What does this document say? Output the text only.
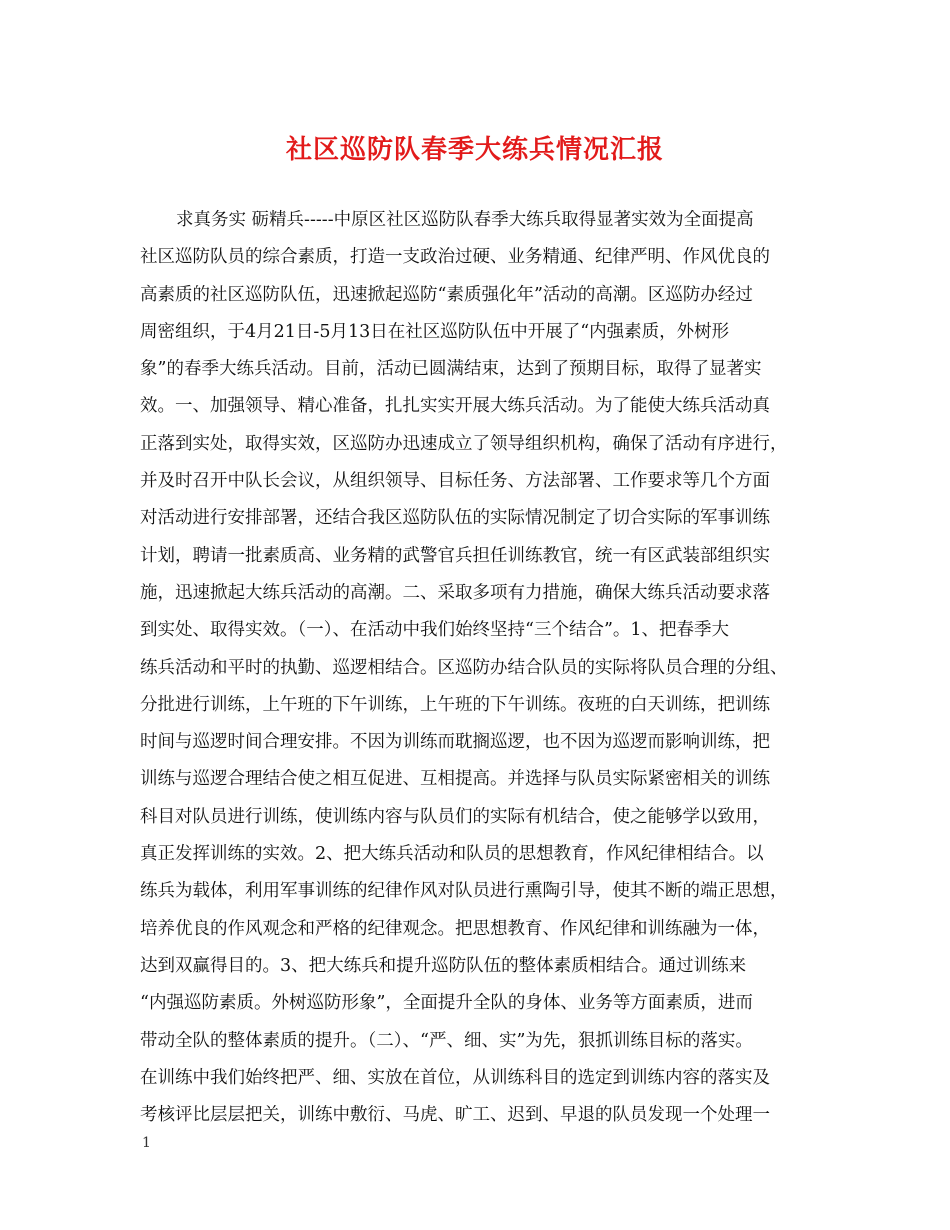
社区巡防队春季大练兵情况汇报
求真务实 砺精兵-----中原区社区巡防队春季大练兵取得显著实效为全面提高
社区巡防队员的综合素质，打造一支政治过硬、业务精通、纪律严明、作风优良的
高素质的社区巡防队伍，迅速掀起巡防“素质强化年”活动的高潮。区巡防办经过
周密组织，于4月21日-5月13日在社区巡防队伍中开展了“内强素质，外树形
象”的春季大练兵活动。目前，活动已圆满结束，达到了预期目标，取得了显著实
效。一、加强领导、精心准备，扎扎实实开展大练兵活动。为了能使大练兵活动真
正落到实处，取得实效，区巡防办迅速成立了领导组织机构，确保了活动有序进行，
并及时召开中队长会议，从组织领导、目标任务、方法部署、工作要求等几个方面
对活动进行安排部署，还结合我区巡防队伍的实际情况制定了切合实际的军事训练
计划，聘请一批素质高、业务精的武警官兵担任训练教官，统一有区武装部组织实
施，迅速掀起大练兵活动的高潮。二、采取多项有力措施，确保大练兵活动要求落
到实处、取得实效。（一）、在活动中我们始终坚持“三个结合”。1、把春季大
练兵活动和平时的执勤、巡逻相结合。区巡防办结合队员的实际将队员合理的分组、
分批进行训练，上午班的下午训练，上午班的下午训练。夜班的白天训练，把训练
时间与巡逻时间合理安排。不因为训练而耽搁巡逻，也不因为巡逻而影响训练，把
训练与巡逻合理结合使之相互促进、互相提高。并选择与队员实际紧密相关的训练
科目对队员进行训练，使训练内容与队员们的实际有机结合，使之能够学以致用，
真正发挥训练的实效。2、把大练兵活动和队员的思想教育，作风纪律相结合。以
练兵为载体，利用军事训练的纪律作风对队员进行熏陶引导，使其不断的端正思想，
培养优良的作风观念和严格的纪律观念。把思想教育、作风纪律和训练融为一体，
达到双赢得目的。3、把大练兵和提升巡防队伍的整体素质相结合。通过训练来
“内强巡防素质。外树巡防形象”，全面提升全队的身体、业务等方面素质，进而
带动全队的整体素质的提升。（二）、“严、细、实”为先，狠抓训练目标的落实。
在训练中我们始终把严、细、实放在首位，从训练科目的选定到训练内容的落实及
考核评比层层把关，训练中敷衍、马虎、旷工、迟到、早退的队员发现一个处理一
1
